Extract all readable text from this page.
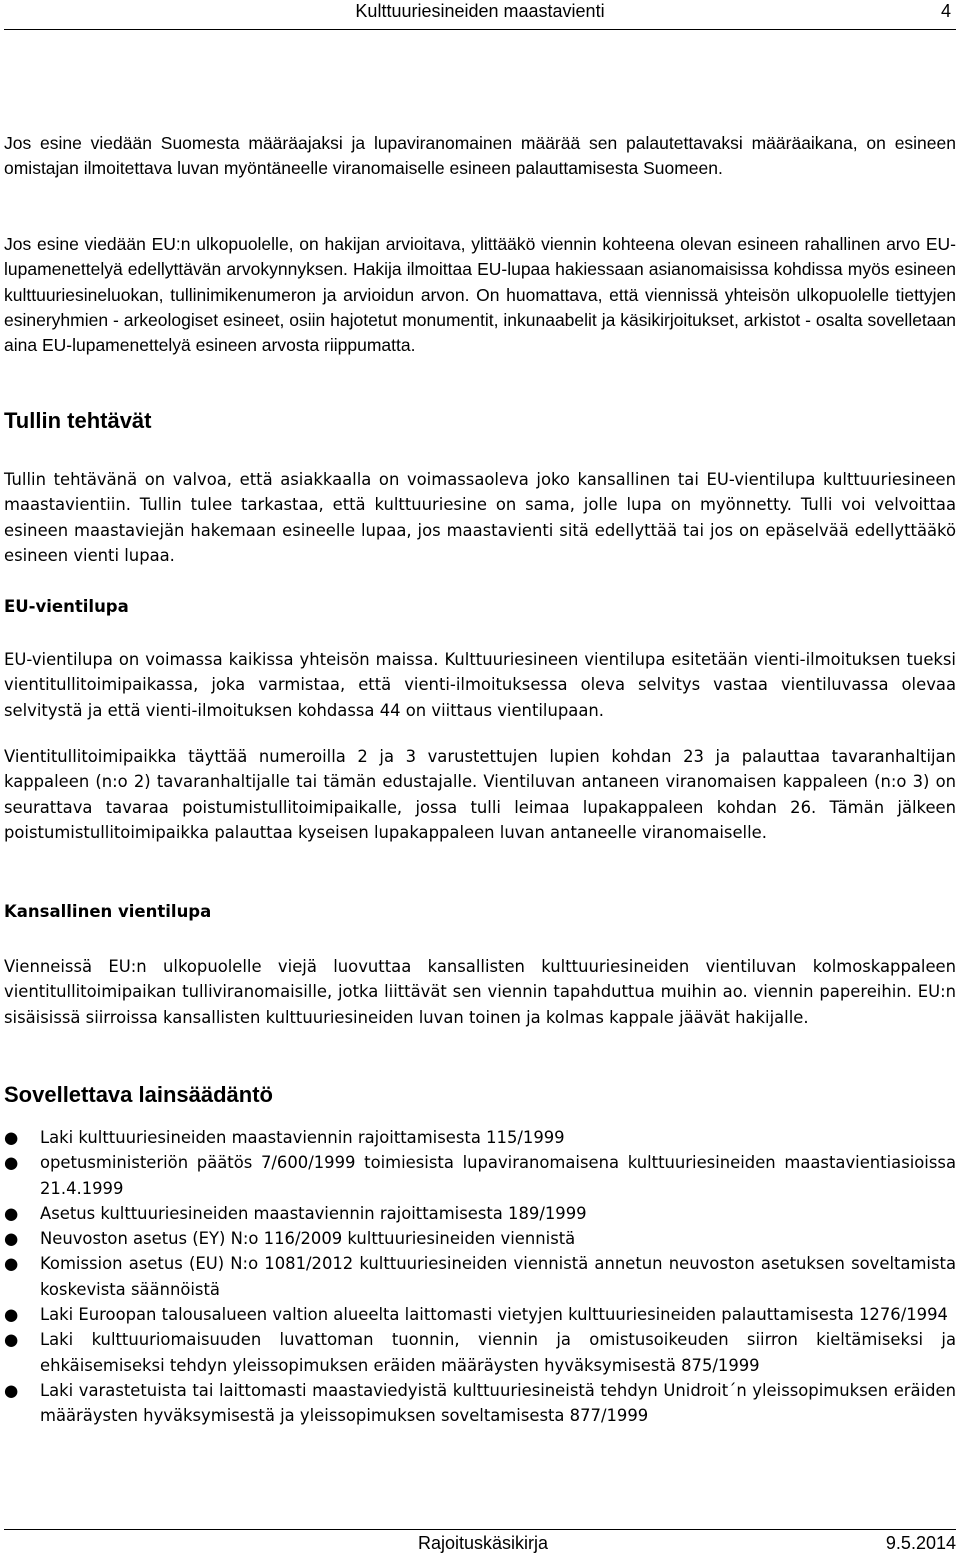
Kulttuuriesineiden maastavienti	4

Jos esine viedään Suomesta määräajaksi ja lupaviranomainen määrää sen palautettavaksi määräaikana, on esineen omistajan ilmoitettava luvan myöntäneelle viranomaiselle esineen palauttamisesta Suomeen.

Jos esine viedään EU:n ulkopuolelle, on hakijan arvioitava, ylittääkö viennin kohteena olevan esineen rahallinen arvo EU-lupamenettelyä edellyttävän arvokynnyksen. Hakija ilmoittaa EU-lupaa hakiessaan asianomaisissa kohdissa myös esineen kulttuuriesineluokan, tullinimikenumeron ja arvioidun arvon. On huomattava, että viennissä yhteisön ulkopuolelle tiettyjen esineryhmien - arkeologiset esineet, osiin hajotetut monumentit, inkunaabelit ja käsikirjoitukset, arkistot - osalta sovelletaan aina EU-lupamenettelyä esineen arvosta riippumatta.

Tullin tehtävät

Tullin tehtävänä on valvoa, että asiakkaalla on voimassaoleva joko kansallinen tai EU-vientilupa kulttuuriesineen maastavientiin. Tullin tulee tarkastaa, että kulttuuriesine on sama, jolle lupa on myönnetty. Tulli voi velvoittaa esineen maastaviejän hakemaan esineelle lupaa, jos maastavienti sitä edellyttää tai jos on epäselvää edellyttääkö esineen vienti lupaa.

EU-vientilupa

EU-vientilupa on voimassa kaikissa yhteisön maissa. Kulttuuriesineen vientilupa esitetään vienti-ilmoituksen tueksi vientitullitoimipaikassa, joka varmistaa, että vienti-ilmoituksessa oleva selvitys vastaa vientiluvassa olevaa selvitystä ja että vienti-ilmoituksen kohdassa 44 on viittaus vientilupaan.

Vientitullitoimipaikka täyttää numeroilla 2 ja 3 varustettujen lupien kohdan 23 ja palauttaa tavaranhaltijan kappaleen (n:o 2) tavaranhaltijalle tai tämän edustajalle. Vientiluvan antaneen viranomaisen kappaleen (n:o 3) on seurattava tavaraa poistumistullitoimipaikalle, jossa tulli leimaa lupakappaleen kohdan 26. Tämän jälkeen poistumistullitoimipaikka palauttaa kyseisen lupakappaleen luvan antaneelle viranomaiselle.

Kansallinen vientilupa

Vienneissä EU:n ulkopuolelle viejä luovuttaa kansallisten kulttuuriesineiden vientiluvan kolmoskappaleen vientitullitoimipaikan tulliviranomaisille, jotka liittävät sen viennin tapahduttua muihin ao. viennin papereihin. EU:n sisäisissä siirroissa kansallisten kulttuuriesineiden luvan toinen ja kolmas kappale jäävät hakijalle.

Sovellettava lainsäädäntö
● Laki kulttuuriesineiden maastaviennin rajoittamisesta 115/1999
● opetusministeriön päätös 7/600/1999 toimiesista lupaviranomaisena kulttuuriesineiden maastavientiasioissa 21.4.1999
● Asetus kulttuuriesineiden maastaviennin rajoittamisesta 189/1999
● Neuvoston asetus (EY) N:o 116/2009 kulttuuriesineiden viennistä
● Komission asetus (EU) N:o 1081/2012 kulttuuriesineiden viennistä annetun neuvoston asetuksen soveltamista koskevista säännöistä
● Laki Euroopan talousalueen valtion alueelta laittomasti vietyjen kulttuuriesineiden palauttamisesta 1276/1994
● Laki kulttuuriomaisuuden luvattoman tuonnin, viennin ja omistusoikeuden siirron kieltämiseksi ja ehkäisemiseksi tehdyn yleissopimuksen eräiden määräysten hyväksymisestä 875/1999
● Laki varastetuista tai laittomasti maastaviedyistä kulttuuriesineistä tehdyn Unidroit´n yleissopimuksen eräiden määräysten hyväksymisestä ja yleissopimuksen soveltamisesta 877/1999
Rajoituskäsikirja	9.5.2014
